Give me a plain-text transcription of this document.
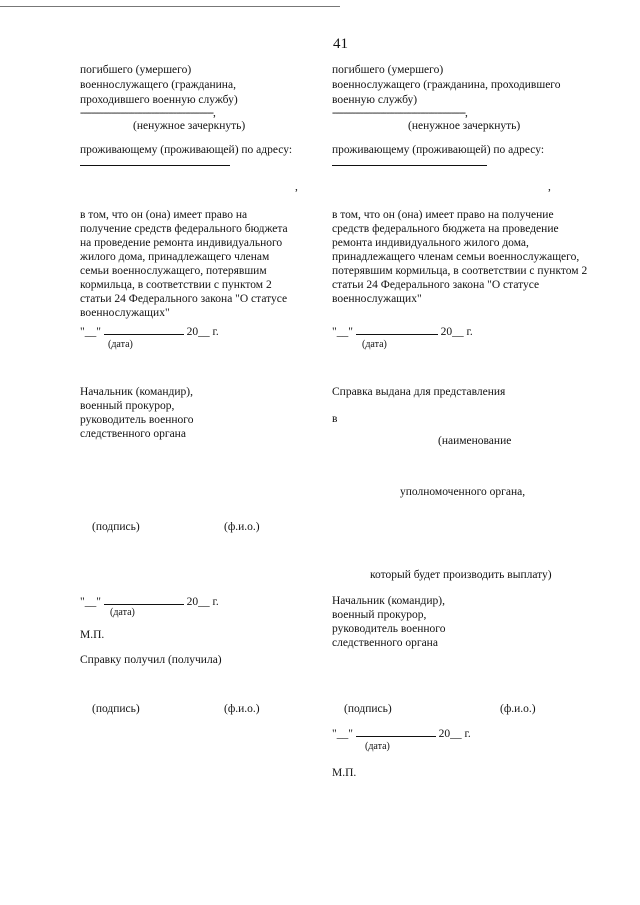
41
погибшего (умершего)
военнослужащего (гражданина,
проходившего военную службу)
-----------------------------------------------,
(ненужное зачеркнуть)
проживающему (проживающей) по адресу:
,
в том, что он (она) имеет право на
получение средств федерального бюджета
на проведение ремонта индивидуального
жилого дома, принадлежащего членам
семьи военнослужащего, потерявшим
кормильца, в соответствии с пунктом 2
статьи 24 Федерального закона "О статусе
военнослужащих"
"__"	20__ г.
(дата)
Начальник (командир),
военный прокурор,
руководитель военного
следственного органа
(подпись)	(ф.и.о.)
"__"	20__ г.
(дата)
М.П.
Справку получил (получила)
(подпись)	(ф.и.о.)
погибшего (умершего)
военнослужащего (гражданина, проходившего
военную службу)
-----------------------------------------------,
(ненужное зачеркнуть)
проживающему (проживающей) по адресу:
,
в том, что он (она) имеет право на получение
средств федерального бюджета на проведение
ремонта индивидуального жилого дома,
принадлежащего членам семьи военнослужащего,
потерявшим кормильца, в соответствии с пунктом 2
статьи 24 Федерального закона "О статусе
военнослужащих"
"__"	20__ г.
(дата)
Справка выдана для представления
в
(наименование
уполномоченного органа,
который будет производить выплату)
Начальник (командир),
военный прокурор,
руководитель военного
следственного органа
(подпись)	(ф.и.о.)
"__"	20__ г.
(дата)
М.П.
